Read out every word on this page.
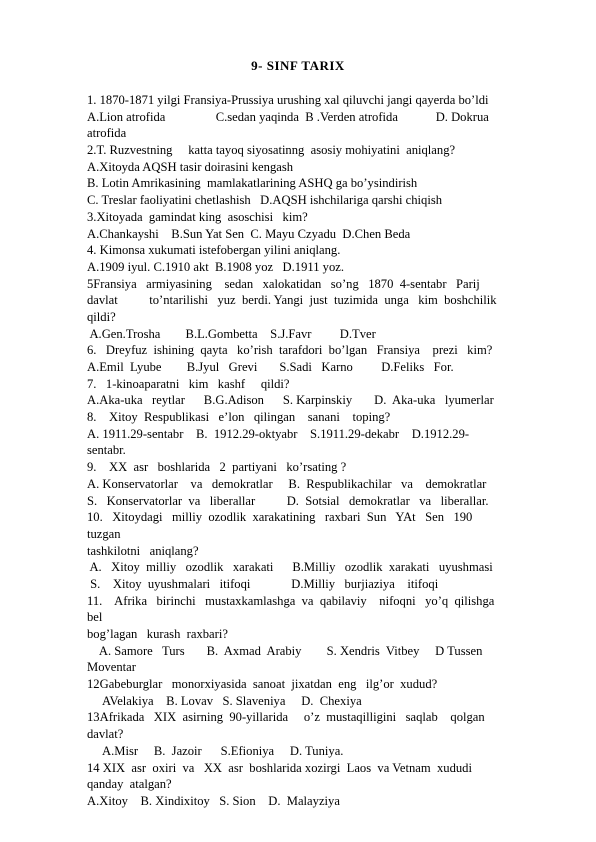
9- SINF TARIX
1. 1870-1871 yilgi Fransiya-Prussiya urushing xal qiluvchi jangi qayerda bo’ldi
A.Lion atrofida                C.sedan yaqinda  B .Verden atrofida            D. Dokrua
atrofida
2.T. Ruzvestning     katta tayoq siyosatinng  asosiy mohiyatini  aniqlang?
A.Xitoyda AQSH tasir doirasini kengash
B. Lotin Amrikasining  mamlakatlarining ASHQ ga bo’ysindirish
C. Treslar faoliyatini chetlashish   D.AQSH ishchilariga qarshi chiqish
3.Xitoyada  gamindat king  asoschisi   kim?
A.Chankayshi    B.Sun Yat Sen  C. Mayu Czyadu  D.Chen Beda
4. Kimonsa xukumati istefobergan yilini aniqlang.
A.1909 iyul. C.1910 akt  B.1908 yoz   D.1911 yoz.
5Fransiya   armiyasining    sedan   xalokatidan   so’ng   1870  4-sentabr   Parij
davlat          to’ntarilishi   yuz  berdi. Yangi  just  tuzimida  unga   kim  boshchilik
qildi?
A.Gen.Trosha        B.L.Gombetta    S.J.Favr         D.Tver
6.   Dreyfuz  ishining  qayta   ko’rish  tarafdori  bo’lgan   Fransiya    prezi   kim?
A.Emil  Lyube        B.Jyul   Grevi       S.Sadi   Karno         D.Feliks   For.
7.   1-kinoaparatni   kim   kashf     qildi?
A.Aka-uka   reytlar      B.G.Adison      S. Karpinskiy       D.  Aka-uka   lyumerlar
8.    Xitoy  Respublikasi   e’lon   qilingan    sanani    toping?
A. 1911.29-sentabr    B.  1912.29-oktyabr    S.1911.29-dekabr    D.1912.29-
sentabr.
9.    XX  asr   boshlarida   2  partiyani   ko’rsating ?
A. Konservatorlar    va   demokratlar     B.  Respublikachilar   va    demokratlar
S.   Konservatorlar  va   liberallar          D.  Sotsial   demokratlar   va   liberallar.
10.   Xitoydagi   milliy  ozodlik  xarakatining   raxbari  Sun   YAt   Sen   190
tuzgan
tashkilotni   aniqlang?
A.   Xitoy  milliy   ozodlik   xarakati      B.Milliy   ozodlik  xarakati   uyushmasi
S.    Xitoy  uyushmalari   itifoqi             D.Milliy   burjiaziya    itifoqi
11.    Afrika   birinchi   mustaxkamlashga  va  qabilaviy    nifoqni   yo’q  qilishga
bel
bog’lagan   kurash  raxbari?
A. Samore   Turs       B.  Axmad  Arabiy        S. Xendris  Vitbey     D Tussen
Moventar
12Gabeburglar   monorxiyasida  sanoat  jixatdan  eng   ilg’or  xudud?
AVelakiya    B. Lovav   S. Slaveniya     D.  Chexiya
13Afrikada   XIX  asirning  90-yillarida     o’z  mustaqilligini   saqlab    qolgan
davlat?
A.Misr     B.  Jazoir      S.Efioniya     D. Tuniya.
14 XIX  asr  oxiri  va   XX  asr  boshlarida xozirgi  Laos  va Vetnam  xududi
qanday  atalgan?
A.Xitoy    B. Xindixitoy   S. Sion    D.  Malayziya
